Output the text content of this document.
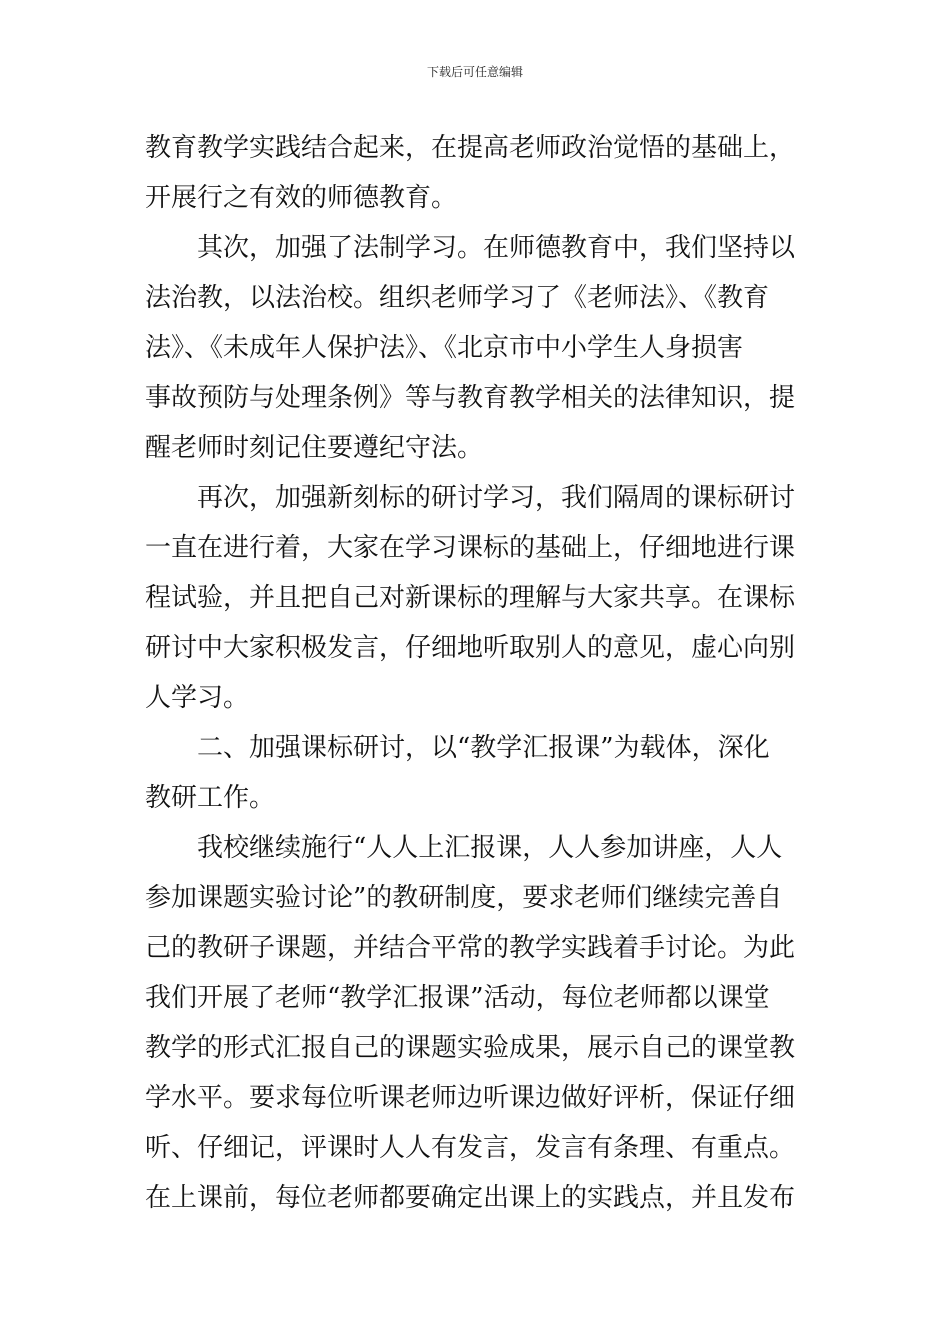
下载后可任意编辑

教育教学实践结合起来，在提高老师政治觉悟的基础上，
开展行之有效的师德教育。

其次，加强了法制学习。在师德教育中，我们坚持以
法治教，以法治校。组织老师学习了《老师法》、《教育
法》、《未成年人保护法》、《北京市中小学生人身损害
事故预防与处理条例》等与教育教学相关的法律知识，提
醒老师时刻记住要遵纪守法。

再次，加强新刻标的研讨学习，我们隔周的课标研讨
一直在进行着，大家在学习课标的基础上，仔细地进行课
程试验，并且把自己对新课标的理解与大家共享。在课标
研讨中大家积极发言，仔细地听取别人的意见，虚心向别
人学习。

二、加强课标研讨，以“教学汇报课”为载体，深化
教研工作。

我校继续施行“人人上汇报课，人人参加讲座，人人
参加课题实验讨论”的教研制度，要求老师们继续完善自
己的教研子课题，并结合平常的教学实践着手讨论。为此
我们开展了老师“教学汇报课”活动，每位老师都以课堂
教学的形式汇报自己的课题实验成果，展示自己的课堂教
学水平。要求每位听课老师边听课边做好评析，保证仔细
听、仔细记，评课时人人有发言，发言有条理、有重点。
在上课前，每位老师都要确定出课上的实践点，并且发布
